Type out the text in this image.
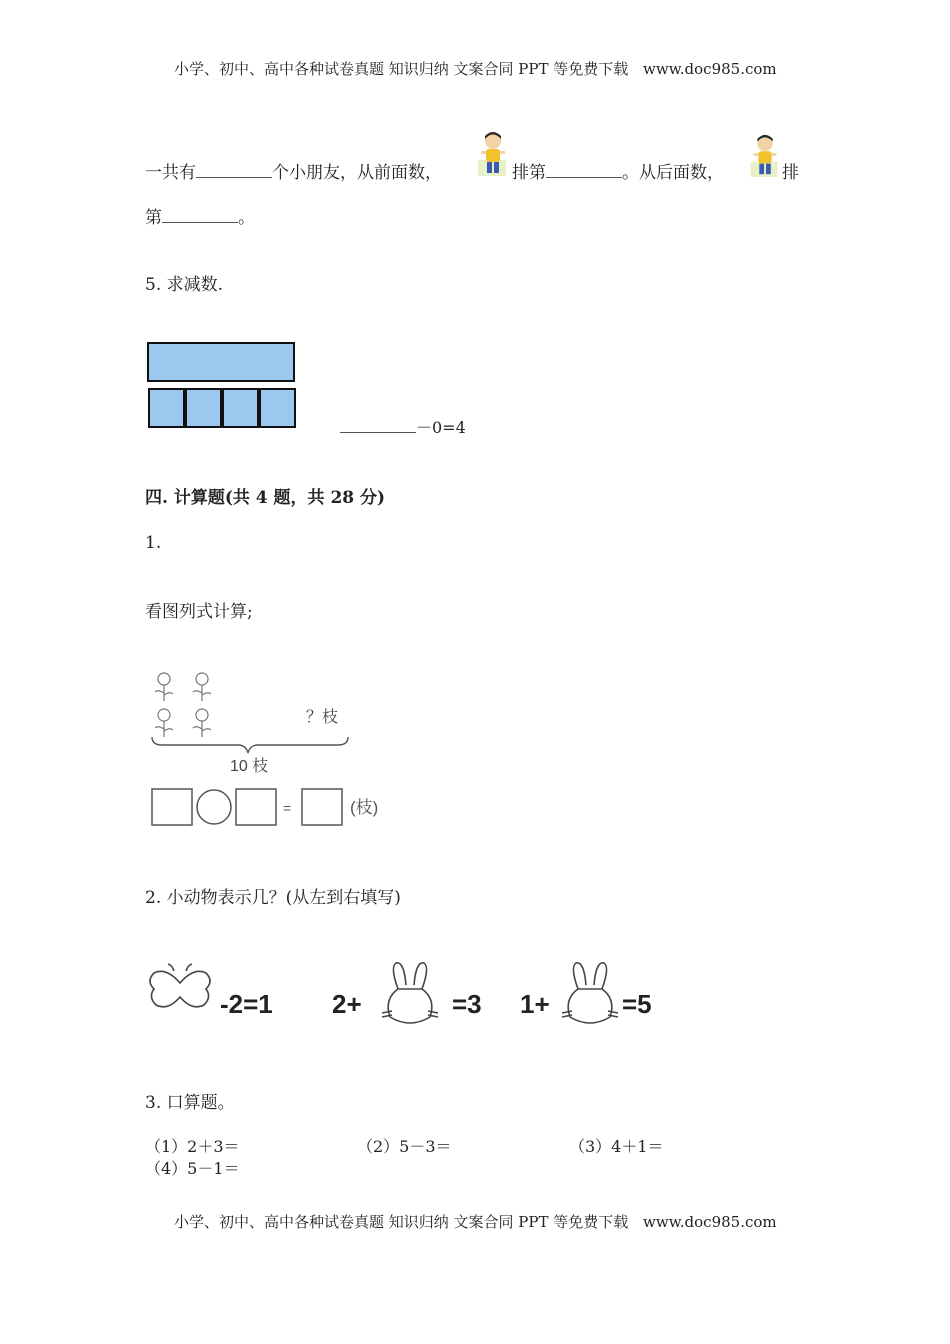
小学、初中、高中各种试卷真题 知识归纳 文案合同 PPT 等免费下载 www.doc985.com
一共有	个小朋友，从前面数，	排第	。从后面数，	排
第	。
5. 求减数.
－0=4
四. 计算题(共 4 题，共 28 分)
1.
看图列式计算;
？枝
10 枝
=	(枝)
2. 小动物表示几？(从左到右填写)
-2=1 2+	=3 1+	=5
3. 口算题。
（1）2＋3＝	（2）5－3＝	（3）4＋1＝
（4）5－1＝
小学、初中、高中各种试卷真题 知识归纳 文案合同 PPT 等免费下载 www.doc985.com
